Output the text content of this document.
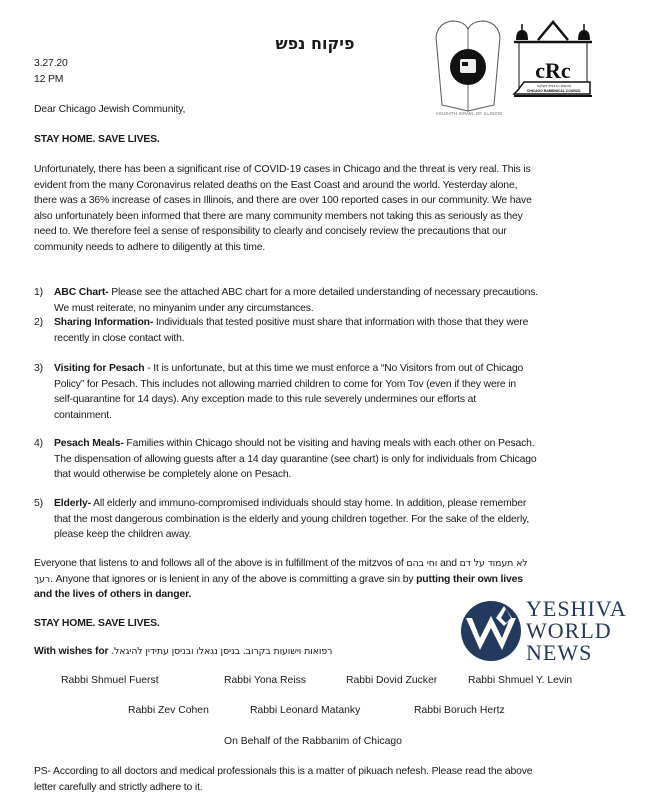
פיקוח נפש
AGUDATH ISRAEL OF ILLINOIS
cRc
מועצת הרבנים דשיקגו
CHICAGO RABBINICAL COUNCIL
3.27.20
12 PM
Dear Chicago Jewish Community,
STAY HOME. SAVE LIVES.

Unfortunately, there has been a significant rise of COVID-19 cases in Chicago and the threat is very real. This is

evident from the many Coronavirus related deaths on the East Coast and around the world. Yesterday alone,

there was a 36% increase of cases in Illinois, and there are over 100 reported cases in our community. We have

also unfortunately been informed that there are many community members not taking this as seriously as they

need to. We therefore feel a sense of responsibility to clearly and concisely review the precautions that our

community needs to adhere to diligently at this time.

1) ABC Chart- Please see the attached ABC chart for a more detailed understanding of necessary precautions.

We must reiterate, no minyanim under any circumstances.

2) Sharing Information- Individuals that tested positive must share that information with those that they were

recently in close contact with.

3) Visiting for Pesach - It is unfortunate, but at this time we must enforce a “No Visitors from out of Chicago

Policy” for Pesach. This includes not allowing married children to come for Yom Tov (even if they were in

self-quarantine for 14 days). Any exception made to this rule severely undermines our efforts at

containment.

4) Pesach Meals- Families within Chicago should not be visiting and having meals with each other on Pesach.

The dispensation of allowing guests after a 14 day quarantine (see chart) is only for individuals from Chicago

that would otherwise be completely alone on Pesach.

5) Elderly- All elderly and immuno-compromised individuals should stay home. In addition, please remember

that the most dangerous combination is the elderly and young children together. For the sake of the elderly,

please keep the children away.

Everyone that listens to and follows all of the above is in fulfillment of the mitzvos of וחי בהם and לא תעמוד על דם

רעך. Anyone that ignores or is lenient in any of the above is committing a grave sin by putting their own lives

and the lives of others in danger.

STAY HOME. SAVE LIVES.
With wishes for רפואות וישועות בקרוב. בניסן נגאלו ובניסן עתידין להיגאל.
Rabbi Shmuel Fuerst	Rabbi Yona Reiss	Rabbi Dovid Zucker	Rabbi Shmuel Y. Levin
Rabbi Zev Cohen	Rabbi Leonard Matanky	Rabbi Boruch Hertz
On Behalf of the Rabbanim of Chicago

PS- According to all doctors and medical professionals this is a matter of pikuach nefesh. Please read the above

letter carefully and strictly adhere to it.

YESHIVA
WORLD
NEWS
